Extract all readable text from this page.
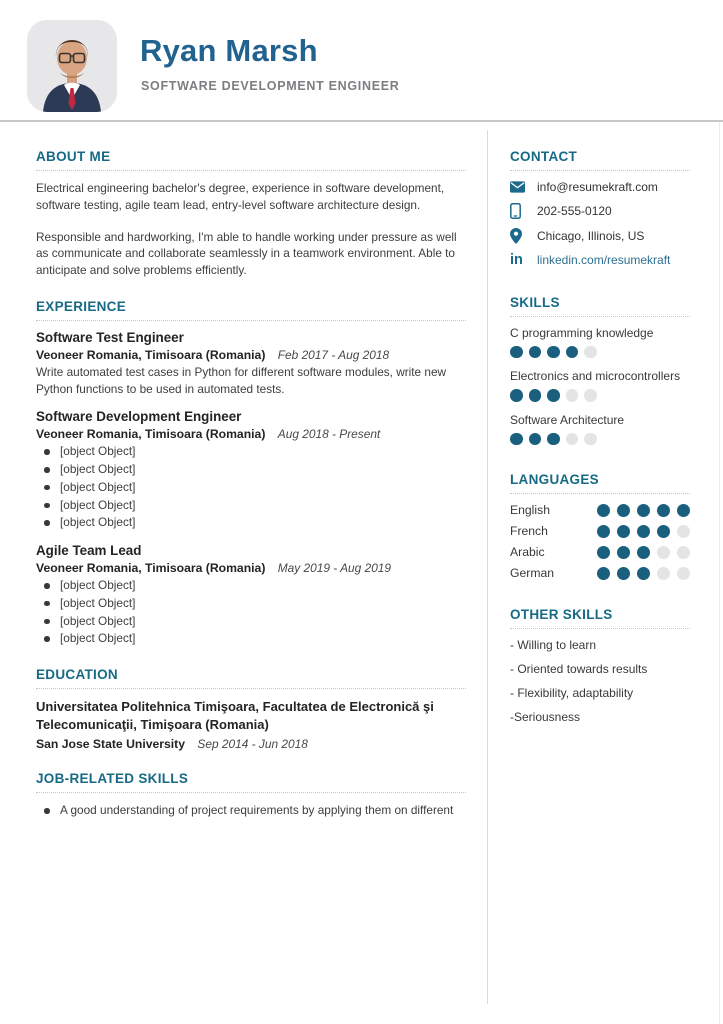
Ryan Marsh
SOFTWARE DEVELOPMENT ENGINEER
ABOUT ME

Electrical engineering bachelor's degree, experience in software development, software testing, agile team lead, entry-level software architecture design.

Responsible and hardworking, I'm able to handle working under pressure as well as communicate and collaborate seamlessly in a teamwork environment. Able to anticipate and solve problems efficiently.

EXPERIENCE
Software Test Engineer
Veoneer Romania, Timisoara (Romania) Feb 2017 - Aug 2018

Write automated test cases in Python for different software modules, write new Python functions to be used in automated tests.

Software Development Engineer
Veoneer Romania, Timisoara (Romania) Aug 2018 - Present
[object Object]
[object Object]
[object Object]
[object Object]
[object Object]
Agile Team Lead
Veoneer Romania, Timisoara (Romania) May 2019 - Aug 2019
[object Object]
[object Object]
[object Object]
[object Object]
EDUCATION
Universitatea Politehnica Timişoara, Facultatea de Electronică şi Telecomunicaţii, Timişoara (Romania)
San Jose State University Sep 2014 - Jun 2018
JOB-RELATED SKILLS
A good understanding of project requirements by applying them on different
CONTACT
info@resumekraft.com
202-555-0120
Chicago, Illinois, US
in linkedin.com/resumekraft
SKILLS
C programming knowledge
Electronics and microcontrollers
Software Architecture
LANGUAGES
English
French
Arabic
German
OTHER SKILLS
- Willing to learn
- Oriented towards results
- Flexibility, adaptability
-Seriousness
